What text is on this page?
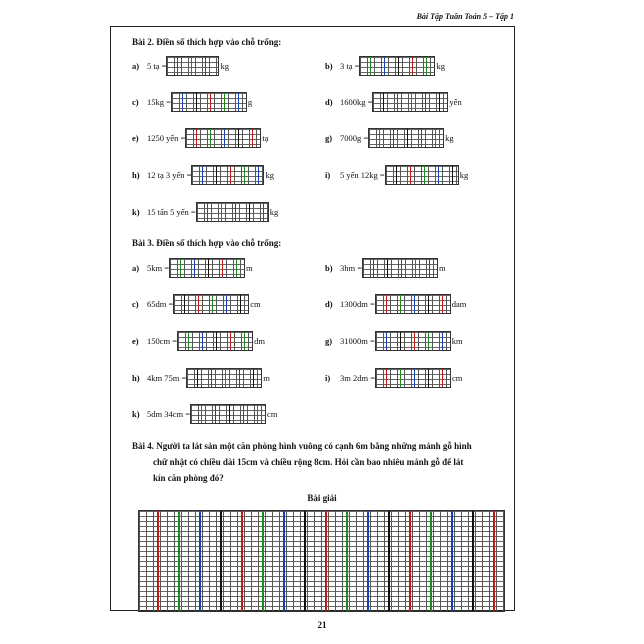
Bài Tập Tuần Toán 5 – Tập 1
Bài 2. Điền số thích hợp vào chỗ trống:
a) 5 tạ =	kg	b) 3 tạ =	kg
c) 15kg =	g	d) 1600kg =	yến
e) 1250 yến =	tạ	g) 7000g =	kg
h) 12 tạ 3 yến =	kg	i)	5 yến 12kg =	kg
k) 15 tấn 5 yến =	kg
Bài 3. Điền số thích hợp vào chỗ trống:
a) 5km =	m	b) 3hm =	m
c) 65dm =	cm	d) 1300dm =	dam
e) 150cm =	dm	g) 31000m =	km
h) 4km 75m =	m	i)	3m 2dm =	cm
k) 5dm 34cm =	cm
Bài 4. Người ta lát sàn một căn phòng hình vuông có cạnh 6m bằng những mảnh gỗ hình
chữ nhật có chiều dài 15cm và chiều rộng 8cm. Hỏi cần bao nhiêu mảnh gỗ để lát
kín căn phòng đó?
Bài giải
21
